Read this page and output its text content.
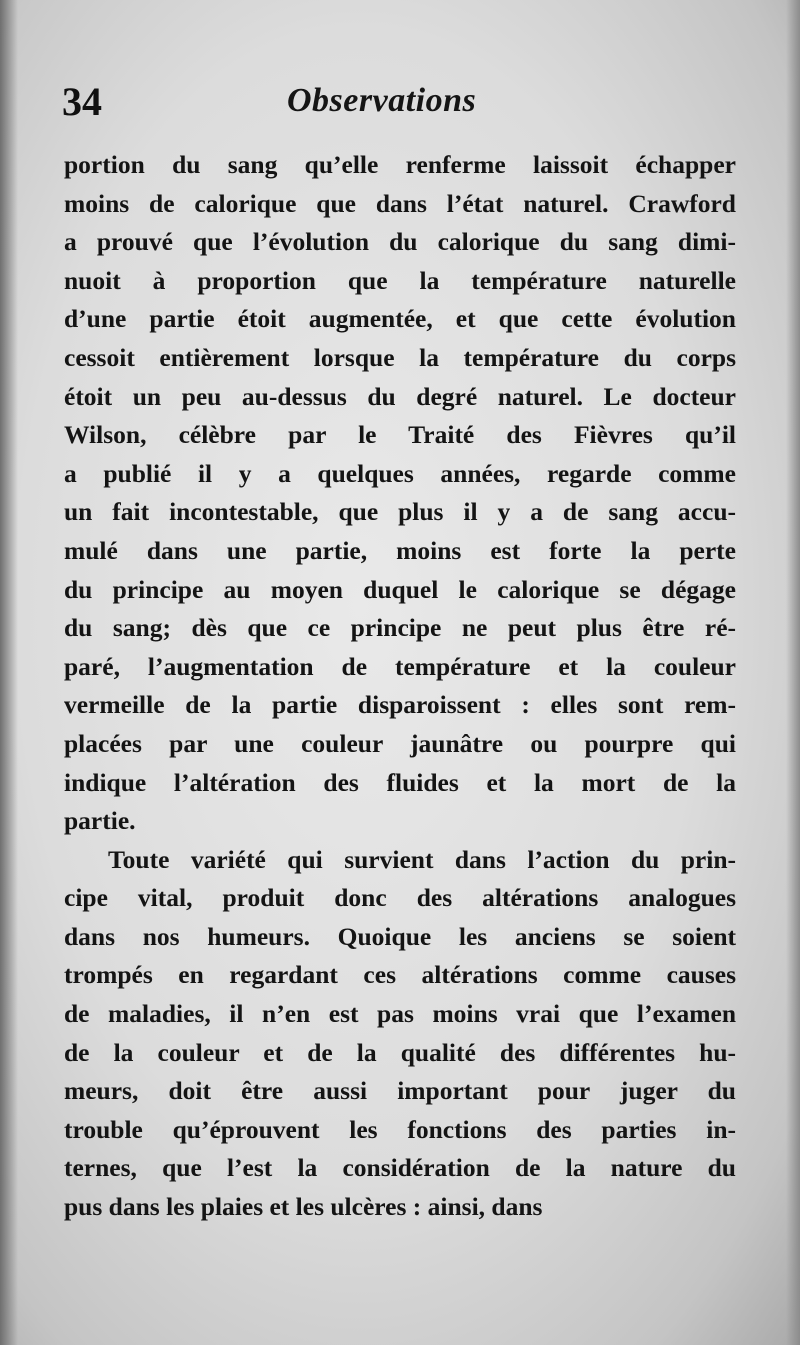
34	Observations
portion du sang qu’elle renferme laissoit échapper
moins de calorique que dans l’état naturel. Crawford
a prouvé que l’évolution du calorique du sang dimi-
nuoit à proportion que la température naturelle
d’une partie étoit augmentée, et que cette évolution
cessoit entièrement lorsque la température du corps
étoit un peu au-dessus du degré naturel. Le docteur
Wilson, célèbre par le Traité des Fièvres qu’il
a publié il y a quelques années, regarde comme
un fait incontestable, que plus il y a de sang accu-
mulé dans une partie, moins est forte la perte
du principe au moyen duquel le calorique se dégage
du sang; dès que ce principe ne peut plus être ré-
paré, l’augmentation de température et la couleur
vermeille de la partie disparoissent : elles sont rem-
placées par une couleur jaunâtre ou pourpre qui
indique l’altération des fluides et la mort de la
partie.
Toute variété qui survient dans l’action du prin-
cipe vital, produit donc des altérations analogues
dans nos humeurs. Quoique les anciens se soient
trompés en regardant ces altérations comme causes
de maladies, il n’en est pas moins vrai que l’examen
de la couleur et de la qualité des différentes hu-
meurs, doit être aussi important pour juger du
trouble qu’éprouvent les fonctions des parties in-
ternes, que l’est la considération de la nature du
pus dans les plaies et les ulcères : ainsi, dans
